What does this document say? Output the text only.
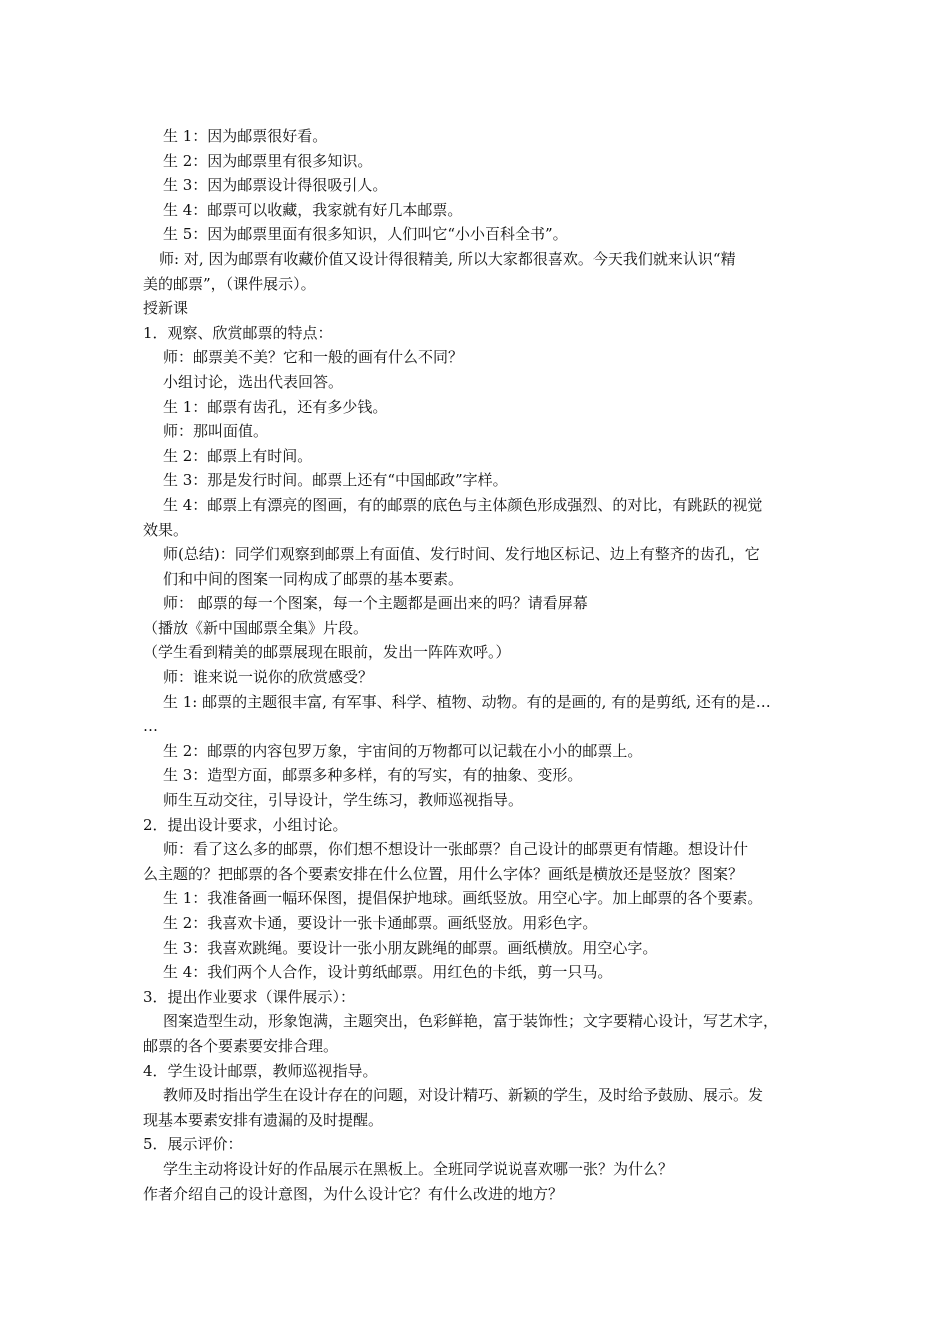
生 1：因为邮票很好看。
生 2：因为邮票里有很多知识。
生 3：因为邮票设计得很吸引人。
生 4：邮票可以收藏，我家就有好几本邮票。
生 5：因为邮票里面有很多知识，人们叫它“小小百科全书”。
师: 对, 因为邮票有收藏价值又设计得很精美, 所以大家都很喜欢。今天我们就来认识“精
美的邮票”，（课件展示）。
授新课
1．观察、欣赏邮票的特点：
师：邮票美不美？它和一般的画有什么不同？
小组讨论，选出代表回答。
生 1：邮票有齿孔，还有多少钱。
师：那叫面值。
生 2：邮票上有时间。
生 3：那是发行时间。邮票上还有“中国邮政”字样。
生 4：邮票上有漂亮的图画，有的邮票的底色与主体颜色形成强烈、的对比，有跳跃的视觉
效果。
师(总结)：同学们观察到邮票上有面值、发行时间、发行地区标记、边上有整齐的齿孔，它
们和中间的图案一同构成了邮票的基本要素。
师： 邮票的每一个图案，每一个主题都是画出来的吗？请看屏幕
（播放《新中国邮票全集》片段。
（学生看到精美的邮票展现在眼前，发出一阵阵欢呼。）
师：谁来说一说你的欣赏感受？
生 1: 邮票的主题很丰富, 有军事、科学、植物、动物。有的是画的, 有的是剪纸, 还有的是…
…
生 2：邮票的内容包罗万象，宇宙间的万物都可以记载在小小的邮票上。
生 3：造型方面，邮票多种多样，有的写实，有的抽象、变形。
师生互动交往，引导设计，学生练习，教师巡视指导。
2．提出设计要求，小组讨论。
师：看了这么多的邮票，你们想不想设计一张邮票？自己设计的邮票更有情趣。想设计什
么主题的？把邮票的各个要素安排在什么位置，用什么字体？画纸是横放还是竖放？图案？
生 1：我准备画一幅环保图，提倡保护地球。画纸竖放。用空心字。加上邮票的各个要素。
生 2：我喜欢卡通，要设计一张卡通邮票。画纸竖放。用彩色字。
生 3：我喜欢跳绳。要设计一张小朋友跳绳的邮票。画纸横放。用空心字。
生 4：我们两个人合作，设计剪纸邮票。用红色的卡纸，剪一只马。
3．提出作业要求（课件展示）：
图案造型生动，形象饱满，主题突出，色彩鲜艳，富于装饰性；文字要精心设计，写艺术字，
邮票的各个要素要安排合理。
4．学生设计邮票，教师巡视指导。
教师及时指出学生在设计存在的问题，对设计精巧、新颖的学生，及时给予鼓励、展示。发
现基本要素安排有遗漏的及时提醒。
5．展示评价：
学生主动将设计好的作品展示在黑板上。全班同学说说喜欢哪一张？为什么？
作者介绍自己的设计意图，为什么设计它？有什么改进的地方？
